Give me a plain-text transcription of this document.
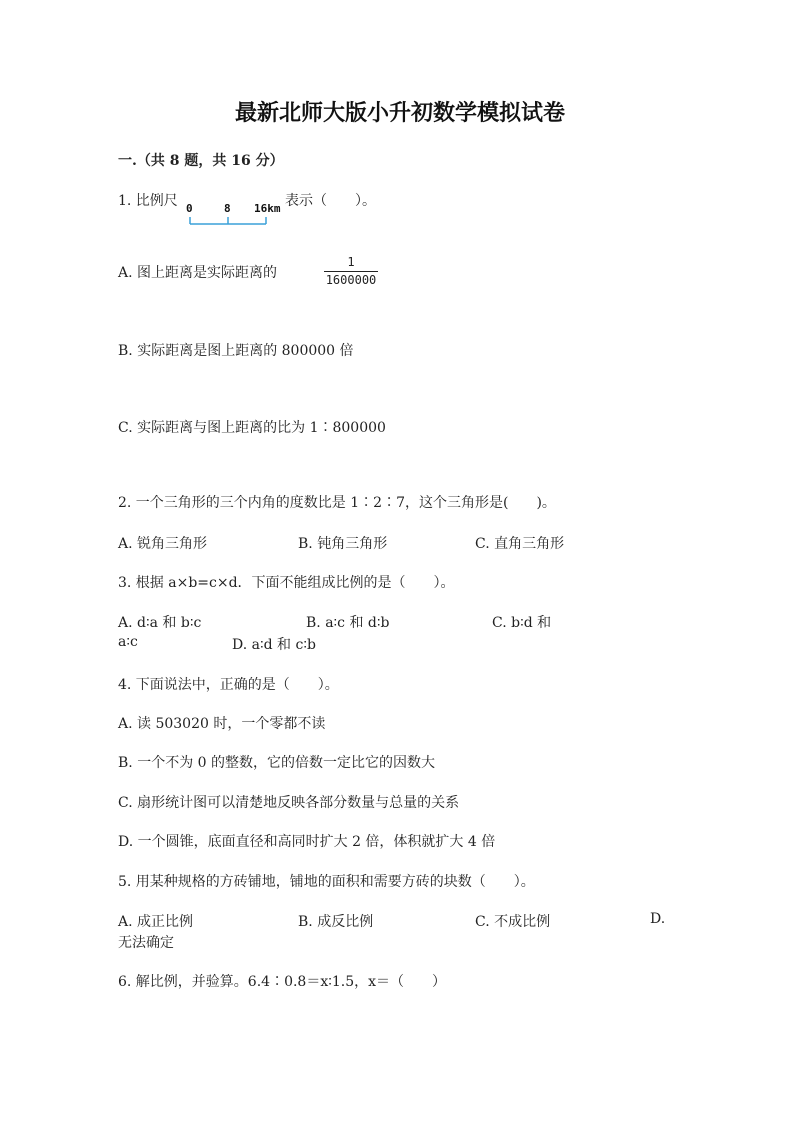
最新北师大版小升初数学模拟试卷
一.（共 8 题，共 16 分）
1. 比例尺 0	8 16km 表示（　　）。
A. 图上距离是实际距离的
1
1600000
B. 实际距离是图上距离的 800000 倍
C. 实际距离与图上距离的比为 1∶800000
2. 一个三角形的三个内角的度数比是 1∶2∶7，这个三角形是(　　)。
A. 锐角三角形	B. 钝角三角形	C. 直角三角形
3. 根据 a×b=c×d．下面不能组成比例的是（　　）。
A. d∶a 和 b∶c	B. a∶c 和 d∶b	C. b∶d 和
a∶c	D. a∶d 和 c∶b
4. 下面说法中，正确的是（　　）。
A. 读 503020 时，一个零都不读
B. 一个不为 0 的整数，它的倍数一定比它的因数大
C. 扇形统计图可以清楚地反映各部分数量与总量的关系
D. 一个圆锥，底面直径和高同时扩大 2 倍，体积就扩大 4 倍
5. 用某种规格的方砖铺地，铺地的面积和需要方砖的块数（　　）。
A. 成正比例	B. 成反比例	C. 不成比例	D.
无法确定
6. 解比例，并验算。6.4∶0.8＝x∶1.5，x＝（　　）
